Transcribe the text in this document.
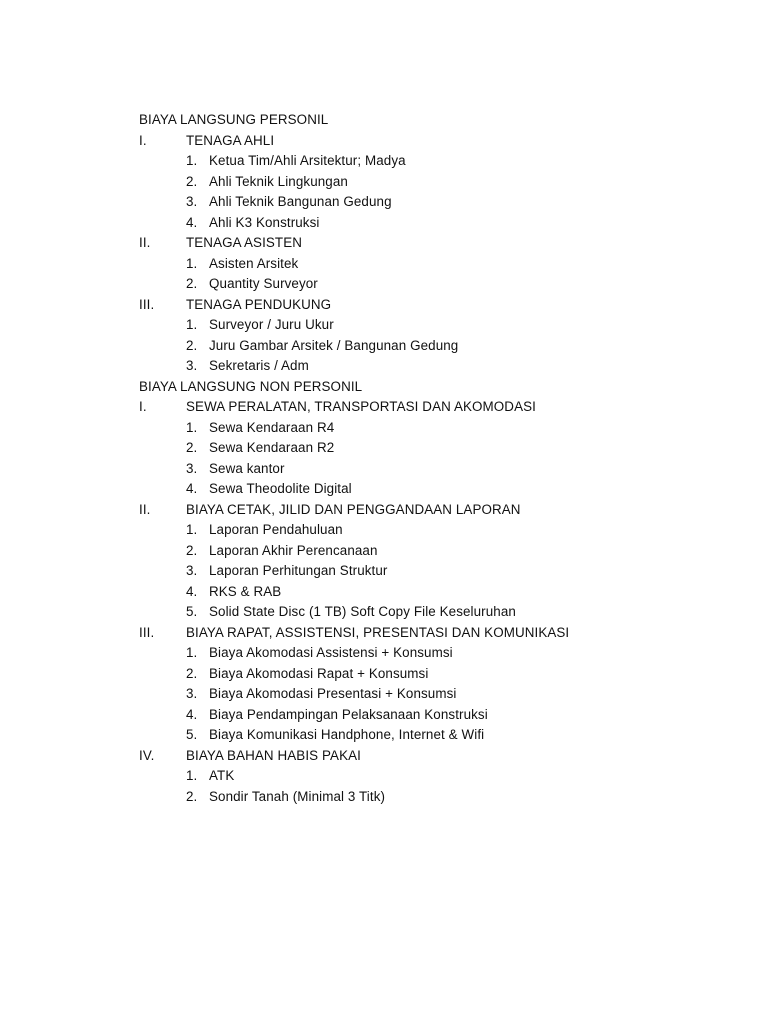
BIAYA LANGSUNG PERSONIL
I.	TENAGA AHLI
1. Ketua Tim/Ahli Arsitektur; Madya
2. Ahli Teknik Lingkungan
3. Ahli Teknik Bangunan Gedung
4. Ahli K3 Konstruksi
II.	TENAGA ASISTEN
1. Asisten Arsitek
2. Quantity Surveyor
III. TENAGA PENDUKUNG
1. Surveyor / Juru Ukur
2. Juru Gambar Arsitek / Bangunan Gedung
3. Sekretaris / Adm
BIAYA LANGSUNG NON PERSONIL
I.	SEWA PERALATAN, TRANSPORTASI DAN AKOMODASI
1. Sewa Kendaraan R4
2. Sewa Kendaraan R2
3. Sewa kantor
4. Sewa Theodolite Digital
II.	BIAYA CETAK, JILID DAN PENGGANDAAN LAPORAN
1. Laporan Pendahuluan
2. Laporan Akhir Perencanaan
3. Laporan Perhitungan Struktur
4. RKS & RAB
5. Solid State Disc (1 TB) Soft Copy File Keseluruhan
III. BIAYA RAPAT, ASSISTENSI, PRESENTASI DAN KOMUNIKASI
1. Biaya Akomodasi Assistensi + Konsumsi
2. Biaya Akomodasi Rapat + Konsumsi
3. Biaya Akomodasi Presentasi + Konsumsi
4. Biaya Pendampingan Pelaksanaan Konstruksi
5. Biaya Komunikasi Handphone, Internet & Wifi
IV. BIAYA BAHAN HABIS PAKAI
1. ATK
2. Sondir Tanah (Minimal 3 Titk)
